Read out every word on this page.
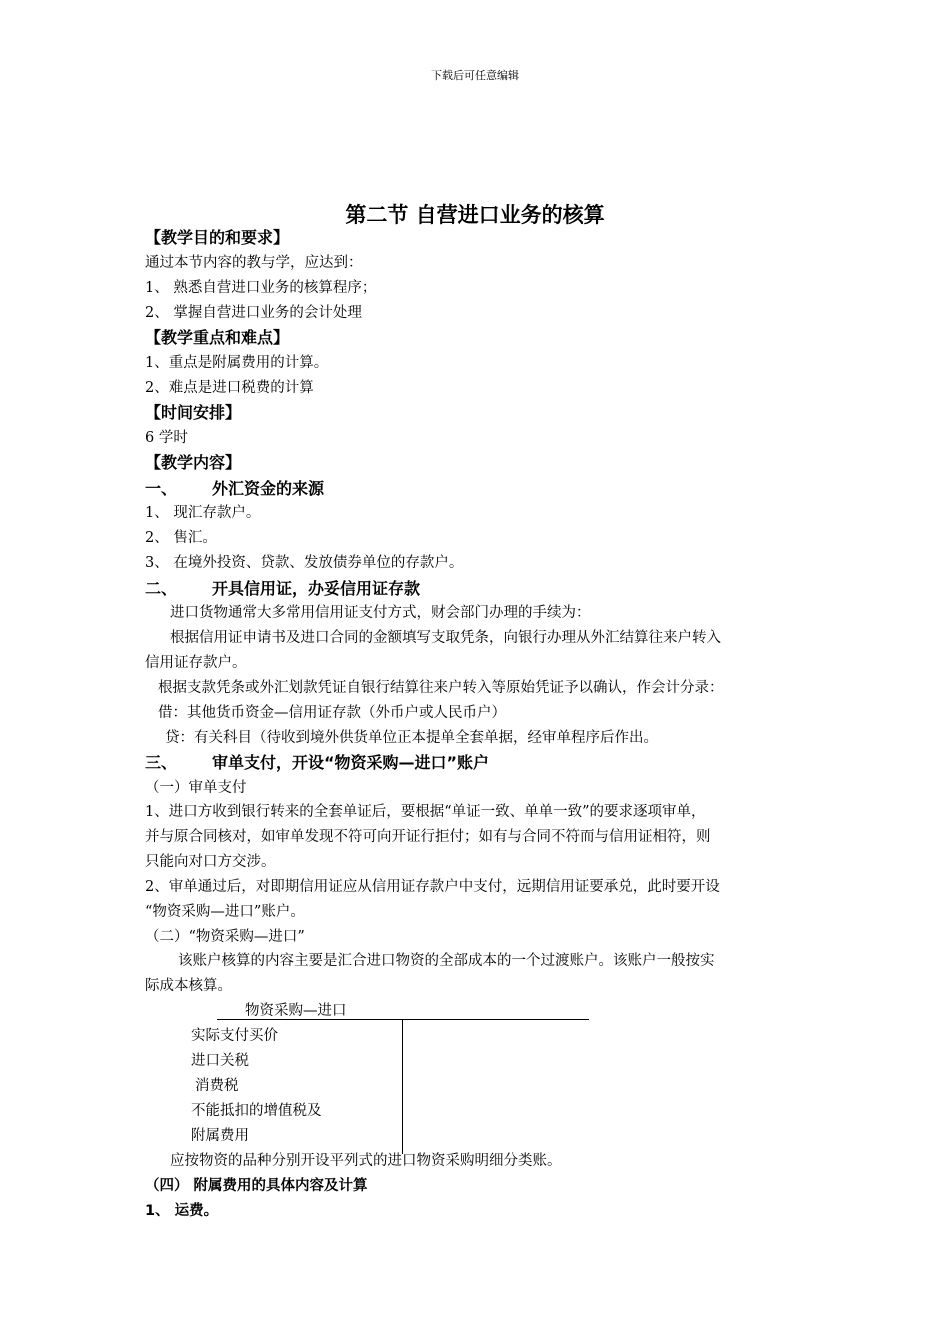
下载后可任意编辑
第二节 自营进口业务的核算
【教学目的和要求】
通过本节内容的教与学，应达到：
1、 熟悉自营进口业务的核算程序；
2、 掌握自营进口业务的会计处理
【教学重点和难点】
1、重点是附属费用的计算。
2、难点是进口税费的计算
【时间安排】
6 学时
【教学内容】
一、 外汇资金的来源
1、 现汇存款户。
2、 售汇。
3、 在境外投资、贷款、发放债券单位的存款户。
二、 开具信用证，办妥信用证存款
进口货物通常大多常用信用证支付方式，财会部门办理的手续为：
根据信用证申请书及进口合同的金额填写支取凭条，向银行办理从外汇结算往来户转入
信用证存款户。
根据支款凭条或外汇划款凭证自银行结算往来户转入等原始凭证予以确认，作会计分录：
借：其他货币资金—信用证存款（外币户或人民币户）
贷：有关科目（待收到境外供货单位正本提单全套单据，经审单程序后作出。
三、 审单支付，开设“物资采购—进口”账户
（一）审单支付
1、进口方收到银行转来的全套单证后，要根据“单证一致、单单一致”的要求逐项审单，
并与原合同核对，如审单发现不符可向开证行拒付；如有与合同不符而与信用证相符，则
只能向对口方交涉。
2、审单通过后，对即期信用证应从信用证存款户中支付，远期信用证要承兑，此时要开设
“物资采购—进口”账户。
（二）“物资采购—进口”
该账户核算的内容主要是汇合进口物资的全部成本的一个过渡账户。该账户一般按实
际成本核算。
物资采购—进口
实际支付买价
进口关税
消费税
不能抵扣的增值税及
附属费用
应按物资的品种分别开设平列式的进口物资采购明细分类账。
（四） 附属费用的具体内容及计算
1、 运费。
